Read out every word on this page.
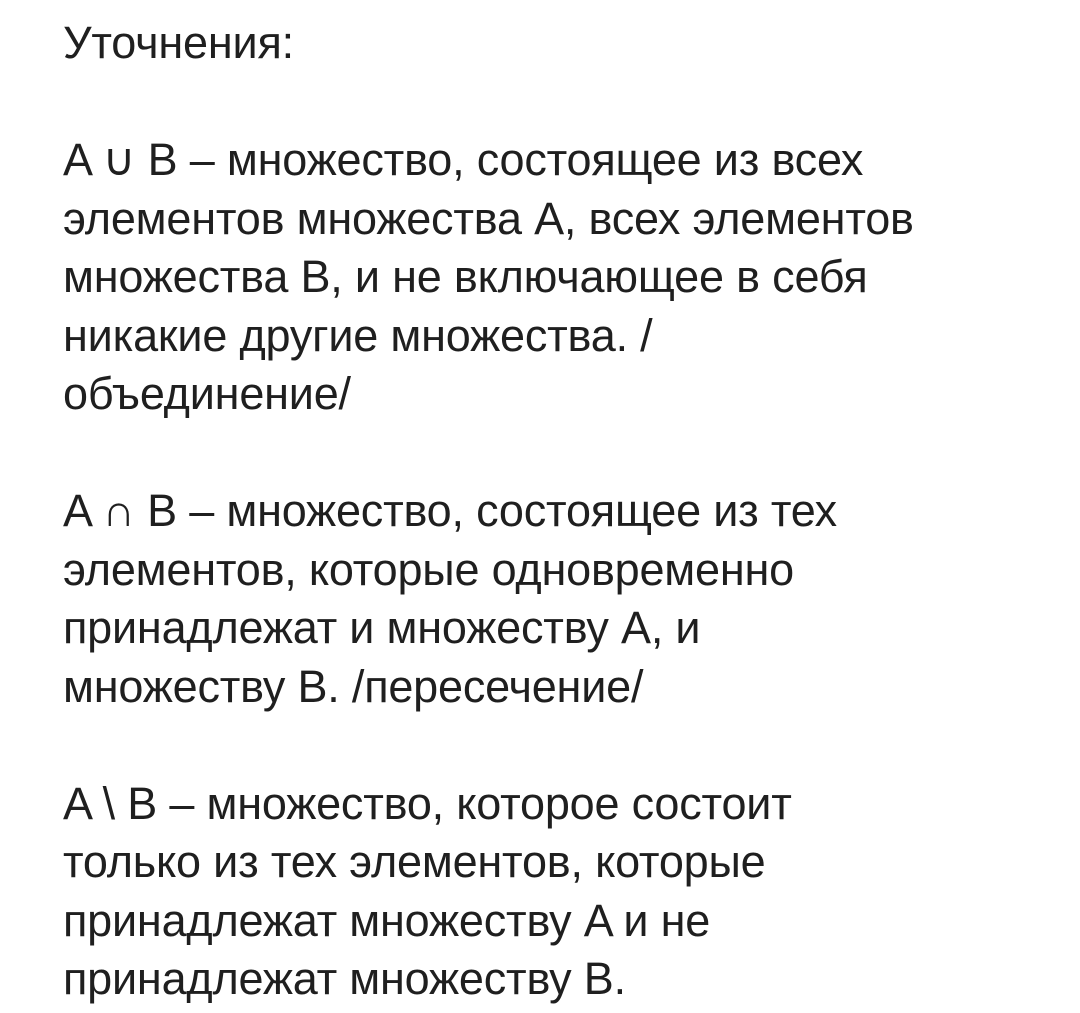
Уточнения:
A ∪ B – множество, состоящее из всех
элементов множества A, всех элементов
множества B, и не включающее в себя
никакие другие множества. /
объединение/
A ∩ B – множество, состоящее из тех
элементов, которые одновременно
принадлежат и множеству A, и
множеству B. /пересечение/
A \ B – множество, которое состоит
только из тех элементов, которые
принадлежат множеству A и не
принадлежат множеству B.
